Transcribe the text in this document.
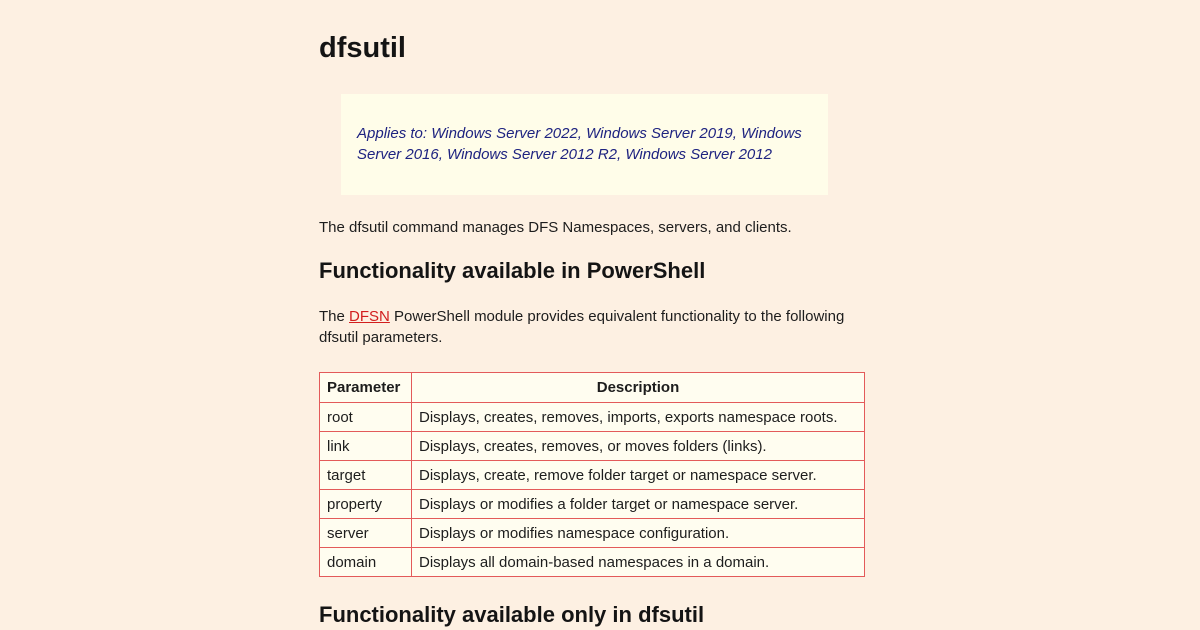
dfsutil
Applies to: Windows Server 2022, Windows Server 2019, Windows Server 2016, Windows Server 2012 R2, Windows Server 2012

The dfsutil command manages DFS Namespaces, servers, and clients.

Functionality available in PowerShell

The DFSN PowerShell module provides equivalent functionality to the following dfsutil parameters.

Parameter	Description
root	Displays, creates, removes, imports, exports namespace roots.
link	Displays, creates, removes, or moves folders (links).
target	Displays, create, remove folder target or namespace server.
property	Displays or modifies a folder target or namespace server.
server	Displays or modifies namespace configuration.
domain	Displays all domain-based namespaces in a domain.
Functionality available only in dfsutil
